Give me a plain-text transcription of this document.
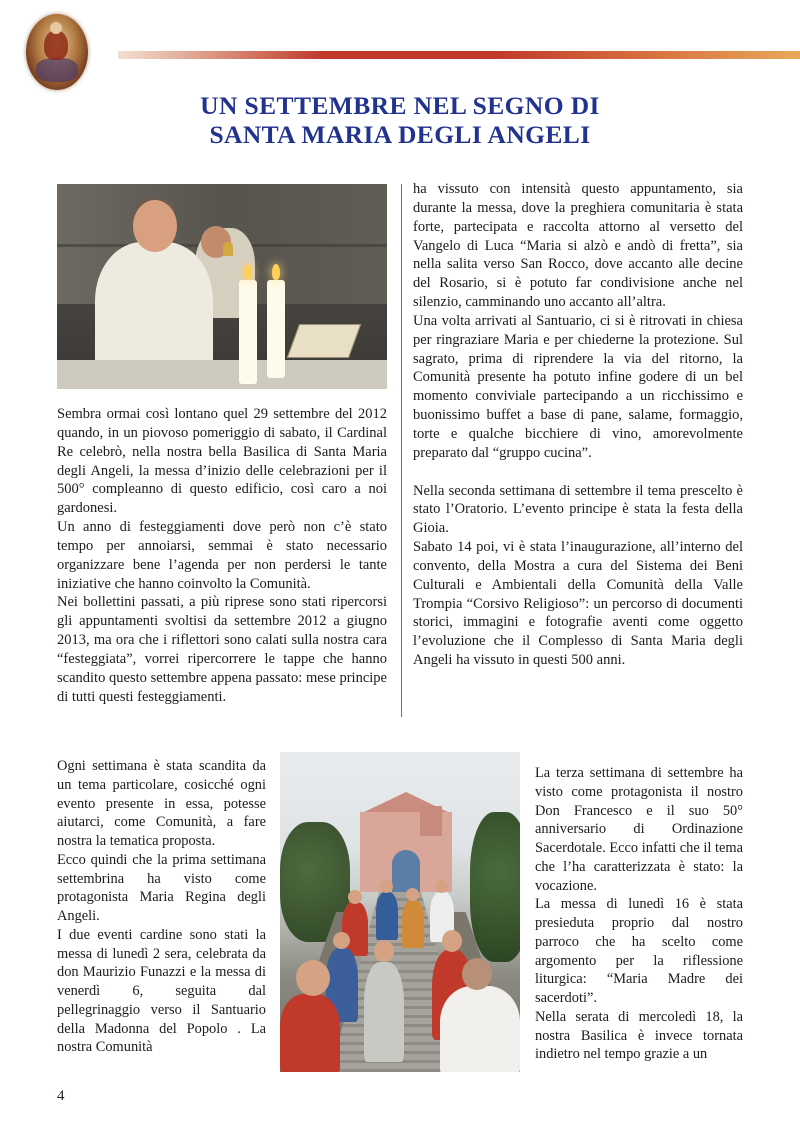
UN SETTEMBRE NEL SEGNO DI
SANTA MARIA DEGLI ANGELI

Sembra ormai così lontano quel 29 settembre del 2012 quando, in un piovoso pomeriggio di sabato, il Cardinal Re celebrò, nella nostra bella Basilica di Santa Maria degli Angeli, la messa d’inizio delle celebrazioni per il 500° compleanno di questo edificio, così caro a noi gardonesi.

Un anno di festeggiamenti dove però non c’è stato tempo per annoiarsi, semmai è stato necessario organizzare bene l’agenda per non perdersi le tante iniziative che hanno coinvolto la Comunità.

Nei bollettini passati, a più riprese sono stati ripercorsi gli appuntamenti svoltisi da settembre 2012 a giugno 2013, ma ora che i riflettori sono calati sulla nostra cara “festeggiata”, vorrei ripercorrere le tappe che hanno scandito questo settembre appena passato: mese principe di tutti questi festeggiamenti.

ha vissuto con intensità questo appuntamento, sia durante la messa, dove la preghiera comunitaria è stata forte, partecipata e raccolta attorno al versetto del Vangelo di Luca “Maria si alzò e andò di fretta”, sia nella salita verso San Rocco, dove accanto alle decine del Rosario, si è potuto far condivisione anche nel silenzio, camminando uno accanto all’altra.

Una volta arrivati al Santuario, ci si è ritrovati in chiesa per ringraziare Maria e per chiederne la protezione. Sul sagrato, prima di riprendere la via del ritorno, la Comunità presente ha potuto infine godere di un bel momento conviviale partecipando a un ricchissimo e buonissimo buffet a base di pane, salame, formaggio, torte e qualche bicchiere di vino, amorevolmente preparato dal “gruppo cucina”.

Nella seconda settimana di settembre il tema prescelto è stato l’Oratorio. L’evento principe è stata la festa della Gioia.

Sabato 14 poi, vi è stata l’inaugurazione, all’interno del convento, della Mostra a cura del Sistema dei Beni Culturali e Ambientali della Comunità della Valle Trompia “Corsivo Religioso”: un percorso di documenti storici, immagini e fotografie aventi come oggetto l’evoluzione che il Complesso di Santa Maria degli Angeli ha vissuto in questi 500 anni.

Ogni settimana è stata scandita da un tema particolare, cosicché ogni evento presente in essa, potesse aiutarci, come Comunità, a fare nostra la tematica proposta.

Ecco quindi che la prima settimana settembrina ha visto come protagonista Maria Regina degli Angeli.

I due eventi cardine sono stati la messa di lunedì 2 sera, celebrata da don Maurizio Funazzi e la messa di venerdì 6, seguita dal pellegrinaggio verso il Santuario della Madonna del Popolo . La nostra Comunità

La terza settimana di settembre ha visto come protagonista il nostro Don Francesco e il suo 50° anniversario di Ordinazione Sacerdotale. Ecco infatti che il tema che l’ha caratterizzata è stato: la vocazione.

La messa di lunedì 16 è stata presieduta proprio dal nostro parroco che ha scelto come argomento per la riflessione liturgica: “Maria Madre dei sacerdoti”.

Nella serata di mercoledì 18, la nostra Basilica è invece tornata indietro nel tempo grazie a un

4
